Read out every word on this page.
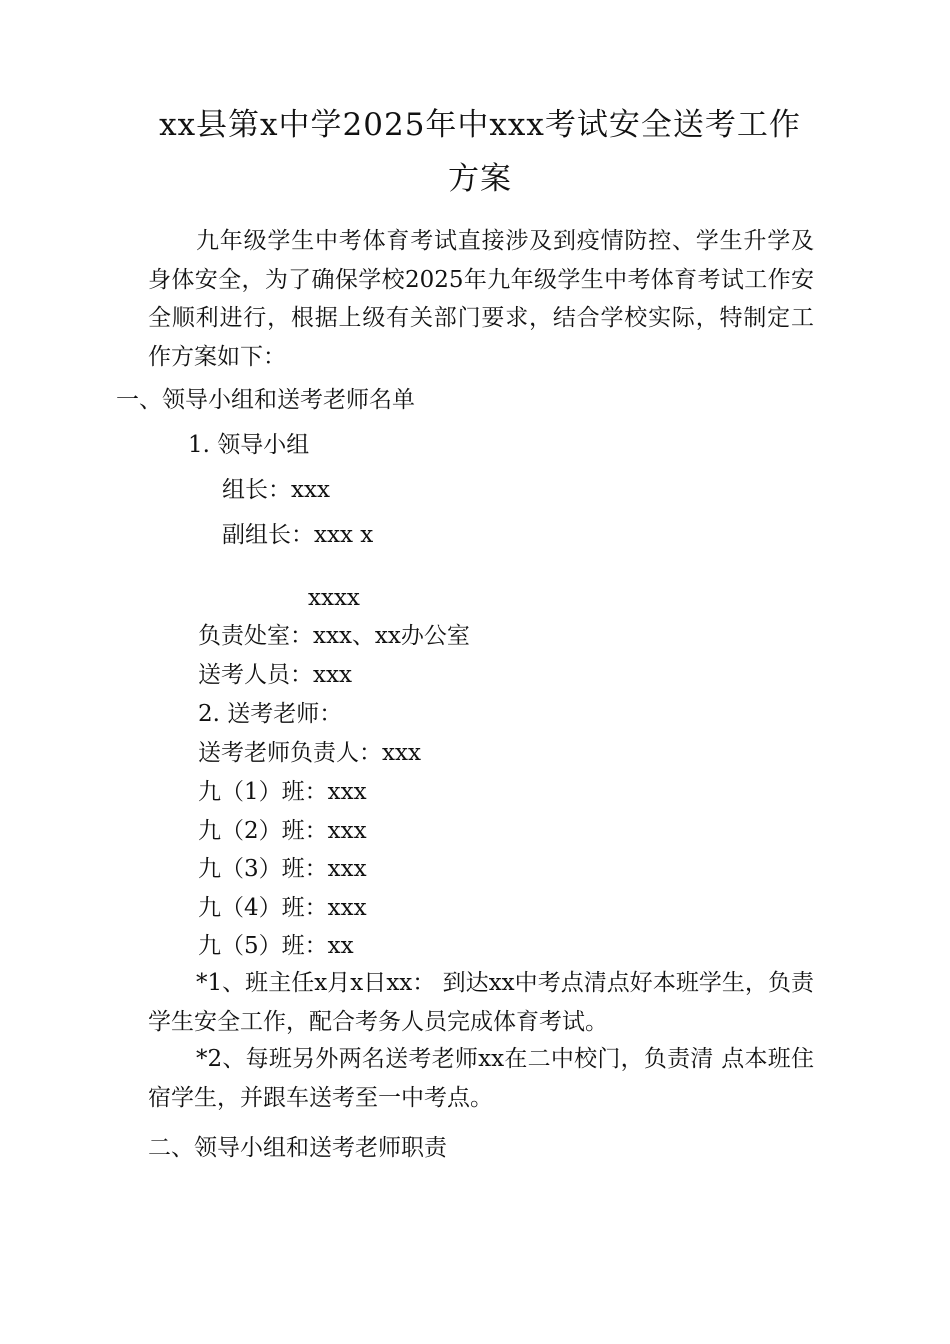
xx县第x中学2025年中xxx考试安全送考工作
方案
九年级学生中考体育考试直接涉及到疫情防控、学生升学及身体安全，为了确保学校2025年九年级学生中考体育考试工作安全顺利进行，根据上级有关部门要求，结合学校实际，特制定工作方案如下：
一、领导小组和送考老师名单
1. 领导小组
组长：xxx
副组长：xxx x
xxxx
负责处室：xxx、xx办公室
送考人员：xxx
2. 送考老师：
送考老师负责人：xxx
九（1）班：xxx
九（2）班：xxx
九（3）班：xxx
九（4）班：xxx
九（5）班：xx
*1、班主任x月x日xx： 到达xx中考点清点好本班学生，负责学生安全工作，配合考务人员完成体育考试。
*2、每班另外两名送考老师xx在二中校门，负责清 点本班住宿学生，并跟车送考至一中考点。
二、领导小组和送考老师职责
